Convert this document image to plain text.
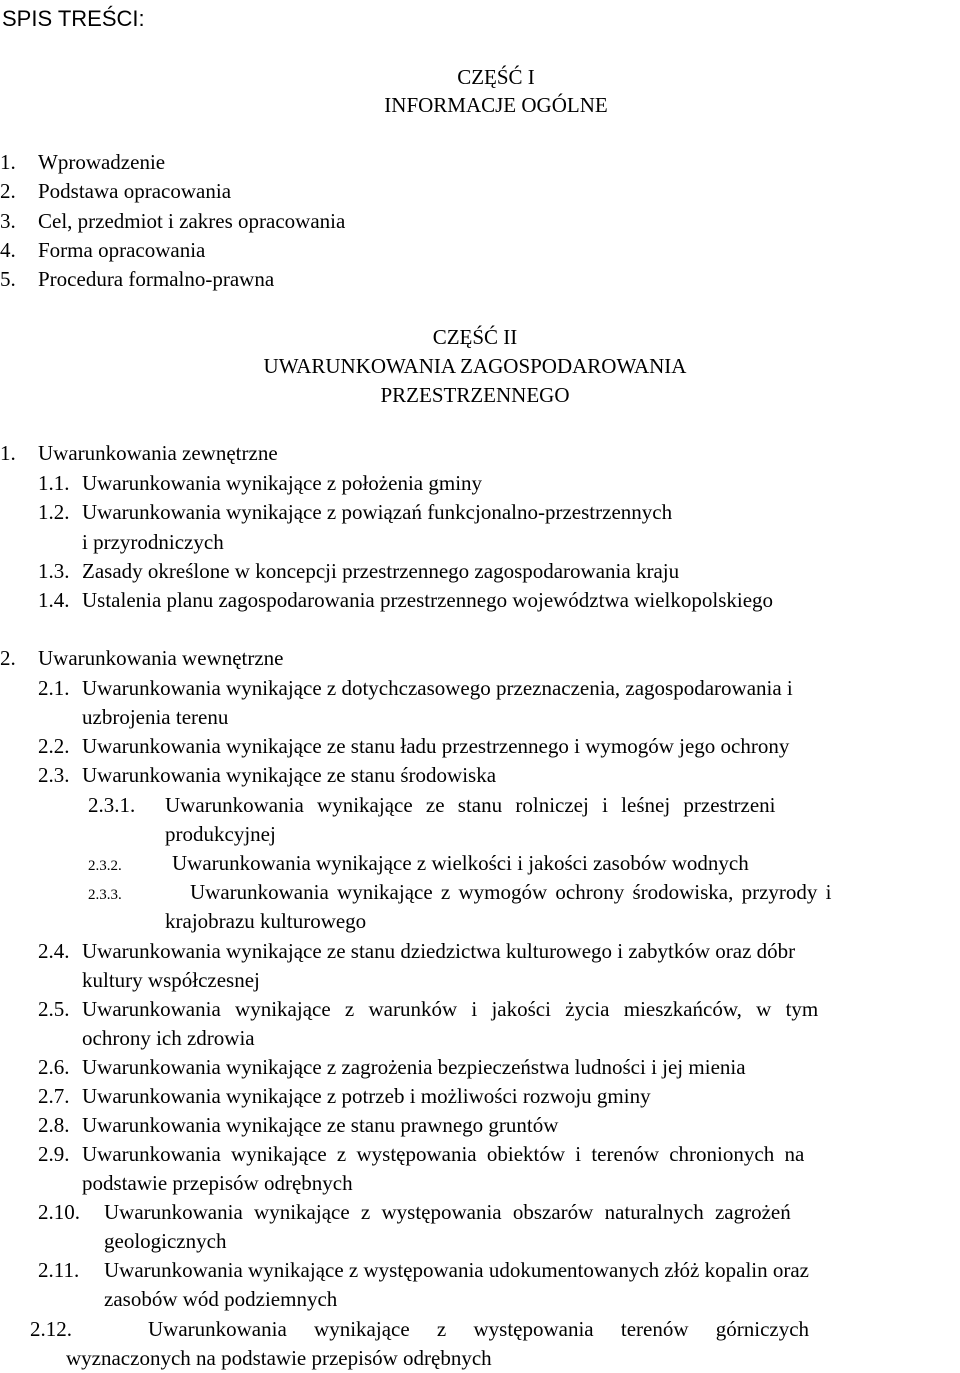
SPIS TREŚCI:
CZĘŚĆ I
INFORMACJE OGÓLNE
1. Wprowadzenie
2. Podstawa opracowania
3. Cel, przedmiot i zakres opracowania
4. Forma opracowania
5. Procedura formalno-prawna
CZĘŚĆ II
UWARUNKOWANIA ZAGOSPODAROWANIA
PRZESTRZENNEGO
1. Uwarunkowania zewnętrzne
1.1. Uwarunkowania wynikające z położenia gminy
1.2. Uwarunkowania wynikające z powiązań funkcjonalno-przestrzennych
i przyrodniczych
1.3. Zasady określone w koncepcji przestrzennego zagospodarowania kraju
1.4. Ustalenia planu zagospodarowania przestrzennego województwa wielkopolskiego
2. Uwarunkowania wewnętrzne
2.1. Uwarunkowania wynikające z dotychczasowego przeznaczenia, zagospodarowania i
uzbrojenia terenu
2.2. Uwarunkowania wynikające ze stanu ładu przestrzennego i wymogów jego ochrony
2.3. Uwarunkowania wynikające ze stanu środowiska
2.3.1. Uwarunkowania wynikające ze stanu rolniczej i leśnej przestrzeni
produkcyjnej
2.3.2. Uwarunkowania wynikające z wielkości i jakości zasobów wodnych
2.3.3.	Uwarunkowania wynikające z wymogów ochrony środowiska, przyrody i
krajobrazu kulturowego
2.4. Uwarunkowania wynikające ze stanu dziedzictwa kulturowego i zabytków oraz dóbr
kultury współczesnej
2.5. Uwarunkowania wynikające z warunków i jakości życia mieszkańców, w tym
ochrony ich zdrowia
2.6. Uwarunkowania wynikające z zagrożenia bezpieczeństwa ludności i jej mienia
2.7. Uwarunkowania wynikające z potrzeb i możliwości rozwoju gminy
2.8. Uwarunkowania wynikające ze stanu prawnego gruntów
2.9. Uwarunkowania wynikające z występowania obiektów i terenów chronionych na
podstawie przepisów odrębnych
2.10. Uwarunkowania wynikające z występowania obszarów naturalnych zagrożeń
geologicznych
2.11. Uwarunkowania wynikające z występowania udokumentowanych złóż kopalin oraz
zasobów wód podziemnych
2.12.	Uwarunkowania wynikające z występowania terenów górniczych
wyznaczonych na podstawie przepisów odrębnych
